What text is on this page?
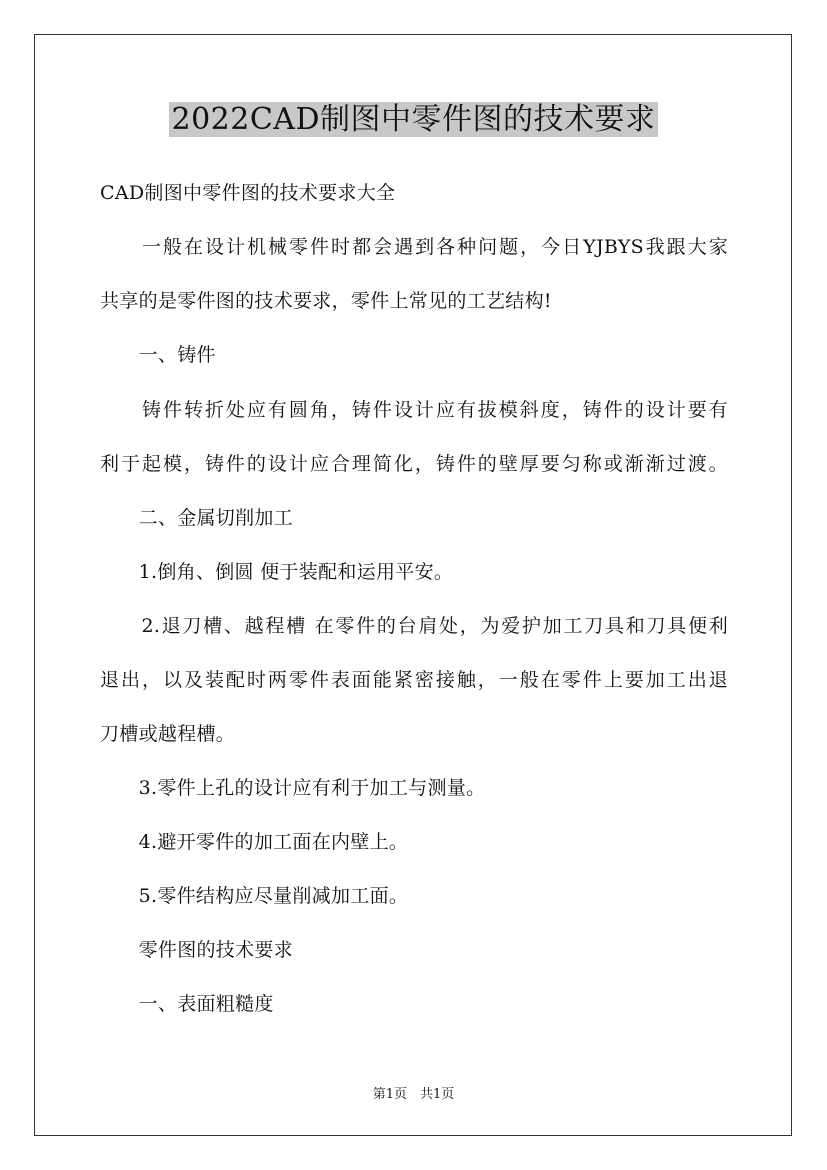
2022CAD制图中零件图的技术要求
CAD制图中零件图的技术要求大全
　　一般在设计机械零件时都会遇到各种问题，今日YJBYS我跟大家
共享的是零件图的技术要求，零件上常见的工艺结构!
　　一、铸件
　　铸件转折处应有圆角，铸件设计应有拔模斜度，铸件的设计要有
利于起模，铸件的设计应合理简化，铸件的壁厚要匀称或渐渐过渡。
　　二、金属切削加工
　　1.倒角、倒圆 便于装配和运用平安。
　　2.退刀槽、越程槽 在零件的台肩处，为爱护加工刀具和刀具便利
退出，以及装配时两零件表面能紧密接触，一般在零件上要加工出退
刀槽或越程槽。
　　3.零件上孔的设计应有利于加工与测量。
　　4.避开零件的加工面在内壁上。
　　5.零件结构应尽量削减加工面。
　　零件图的技术要求
　　一、表面粗糙度
第1页　共1页
